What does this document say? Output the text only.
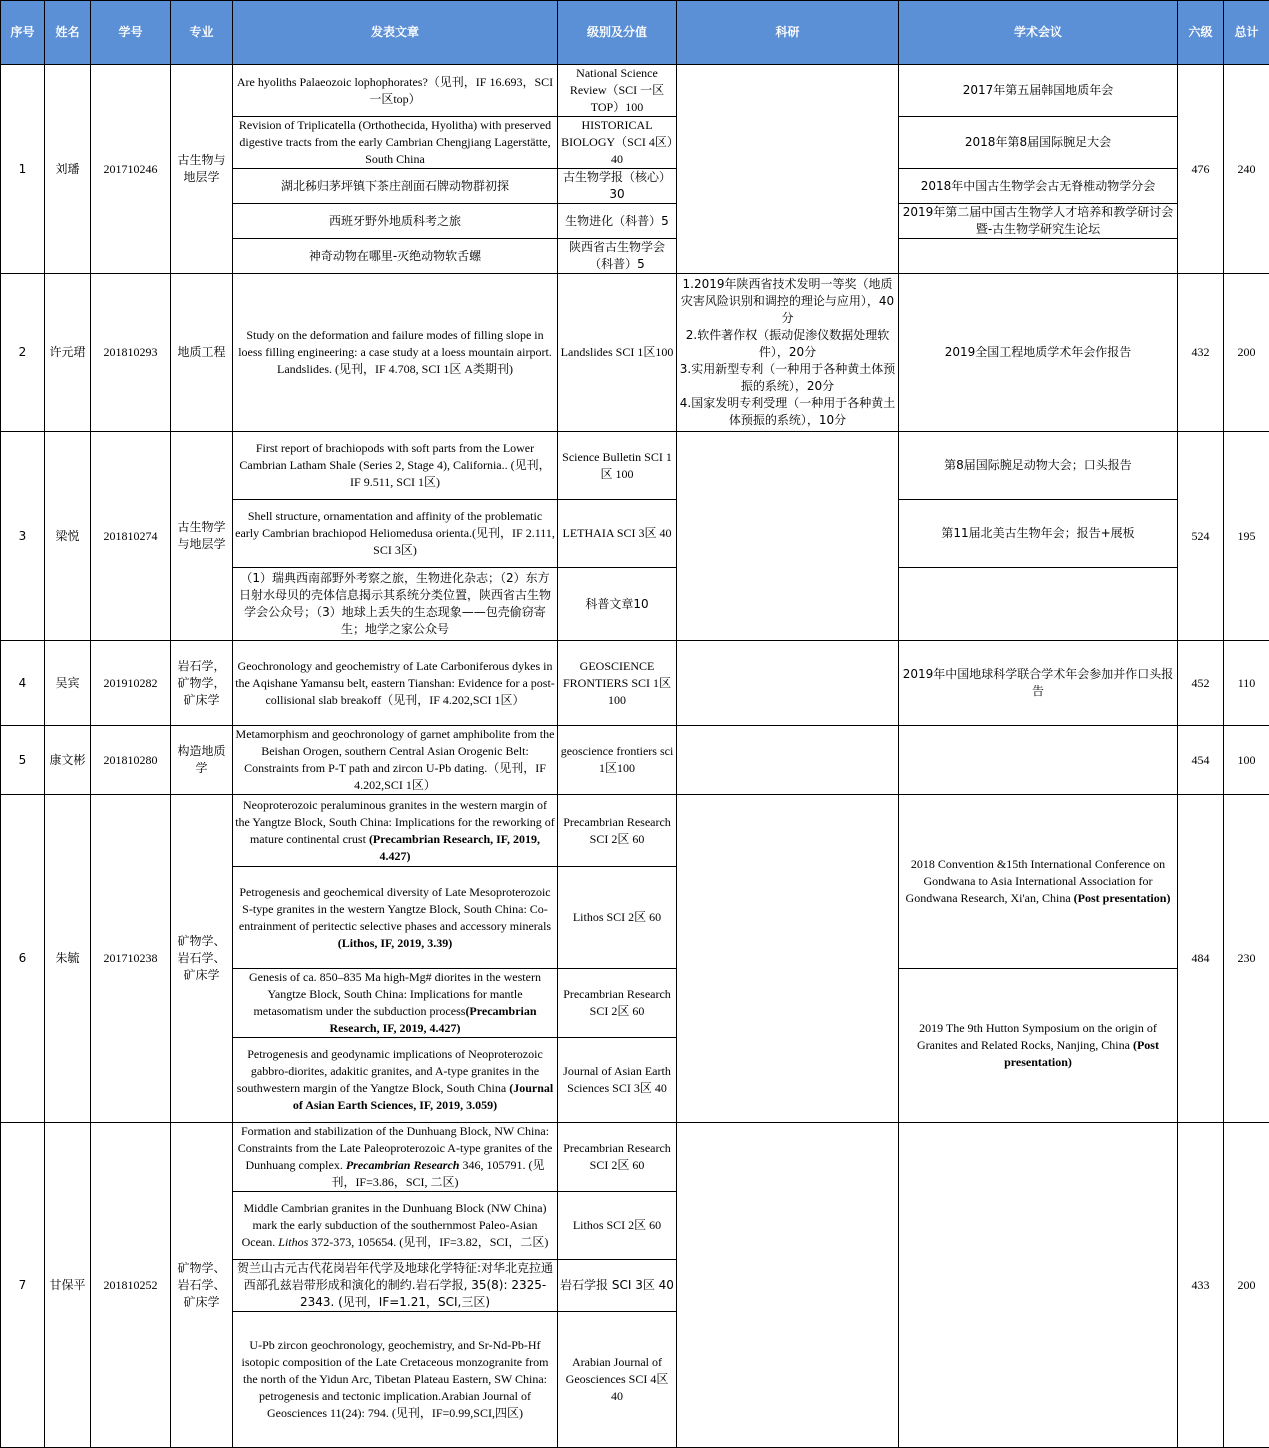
序号	姓名	学号	专业	发表文章	级别及分值	科研	学术会议	六级	总计
1	刘璠	201710246	古生物与地层学	Are hyoliths Palaeozoic lophophorates?（见刊，IF 16.693，SCI 一区top）	National Science Review（SCI 一区TOP）100		2017年第五届韩国地质年会	476	240
				Revision of Triplicatella (Orthothecida, Hyolitha) with preserved digestive tracts from the early Cambrian Chengjiang Lagerstätte, South China	HISTORICAL BIOLOGY（SCI 4区）40		2018年第8届国际腕足大会		
				湖北秭归茅坪镇下茶庄剖面石牌动物群初探	古生物学报（核心）30		2018年中国古生物学会古无脊椎动物学分会		
				西班牙野外地质科考之旅	生物进化（科普）5		2019年第二届中国古生物学人才培养和教学研讨会暨-古生物学研究生论坛		
				神奇动物在哪里-灭绝动物软舌螺	陕西省古生物学会（科普）5				
2	许元珺	201810293	地质工程	Study on the deformation and failure modes of filling slope in loess filling engineering: a case study at a loess mountain airport. Landslides. (见刊，IF 4.708, SCI 1区 A类期刊)	Landslides SCI 1区100	1.2019年陕西省技术发明一等奖（地质灾害风险识别和调控的理论与应用），40分
2.软件著作权（振动促渗仪数据处理软件），20分
3.实用新型专利（一种用于各种黄土体预振的系统），20分
4.国家发明专利受理（一种用于各种黄土体预振的系统），10分	2019全国工程地质学术年会作报告	432	200
3	梁悦	201810274	古生物学与地层学	First report of brachiopods with soft parts from the Lower Cambrian Latham Shale (Series 2, Stage 4), California.. (见刊，IF 9.511, SCI 1区)	Science Bulletin SCI 1区 100		第8届国际腕足动物大会；口头报告	524	195
				Shell structure, ornamentation and affinity of the problematic early Cambrian brachiopod Heliomedusa orienta.(见刊，IF 2.111, SCI 3区)	LETHAIA SCI 3区 40		第11届北美古生物年会；报告+展板		
				（1）瑞典西南部野外考察之旅，生物进化杂志；（2）东方日射水母贝的壳体信息揭示其系统分类位置，陕西省古生物学会公众号；（3）地球上丢失的生态现象——包壳偷窃寄生；地学之家公众号	科普文章10				
4	吴宾	201910282	岩石学，矿物学，矿床学	Geochronology and geochemistry of Late Carboniferous dykes in the Aqishane Yamansu belt, eastern Tianshan: Evidence for a post-collisional slab breakoff（见刊，IF 4.202,SCI 1区）	GEOSCIENCE FRONTIERS SCI 1区 100		2019年中国地球科学联合学术年会参加并作口头报告	452	110
5	康文彬	201810280	构造地质学	Metamorphism and geochronology of garnet amphibolite from the Beishan Orogen, southern Central Asian Orogenic Belt: Constraints from P-T path and zircon U-Pb dating.（见刊，IF 4.202,SCI 1区）	geoscience frontiers sci 1区100			454	100
6	朱毓	201710238	矿物学、岩石学、矿床学	Neoproterozoic peraluminous granites in the western margin of the Yangtze Block, South China: Implications for the reworking of mature continental crust (Precambrian Research, IF, 2019, 4.427)	Precambrian Research SCI 2区 60		2018 Convention &15th International Conference on Gondwana to Asia International Association for Gondwana Research, Xi'an, China (Post presentation)	484	230
				Petrogenesis and geochemical diversity of Late Mesoproterozoic S-type granites in the western Yangtze Block, South China: Co-entrainment of peritectic selective phases and accessory minerals (Lithos, IF, 2019, 3.39)	Lithos SCI 2区 60				
				Genesis of ca. 850–835 Ma high-Mg# diorites in the western Yangtze Block, South China: Implications for mantle metasomatism under the subduction process(Precambrian Research, IF, 2019, 4.427)	Precambrian Research SCI 2区 60		2019 The 9th Hutton Symposium on the origin of Granites and Related Rocks, Nanjing, China (Post presentation)		
				Petrogenesis and geodynamic implications of Neoproterozoic gabbro-diorites, adakitic granites, and A-type granites in the southwestern margin of the Yangtze Block, South China (Journal of Asian Earth Sciences, IF, 2019, 3.059)	Journal of Asian Earth Sciences SCI 3区 40				
7	甘保平	201810252	矿物学、岩石学、矿床学	Formation and stabilization of the Dunhuang Block, NW China: Constraints from the Late Paleoproterozoic A-type granites of the Dunhuang complex. Precambrian Research 346, 105791. (见刊，IF=3.86，SCI, 二区)	Precambrian Research SCI 2区 60			433	200
				Middle Cambrian granites in the Dunhuang Block (NW China) mark the early subduction of the southernmost Paleo-Asian Ocean. Lithos 372-373, 105654. (见刊，IF=3.82，SCI，二区)	Lithos SCI 2区 60				
				贺兰山古元古代花岗岩年代学及地球化学特征:对华北克拉通西部孔兹岩带形成和演化的制约.岩石学报, 35(8): 2325-2343. (见刊，IF=1.21，SCI,三区)	岩石学报 SCI 3区 40				
				U-Pb zircon geochronology, geochemistry, and Sr-Nd-Pb-Hf isotopic composition of the Late Cretaceous monzogranite from the north of the Yidun Arc, Tibetan Plateau Eastern, SW China: petrogenesis and tectonic implication.Arabian Journal of Geosciences 11(24): 794. (见刊，IF=0.99,SCI,四区)	Arabian Journal of Geosciences SCI 4区 40				
